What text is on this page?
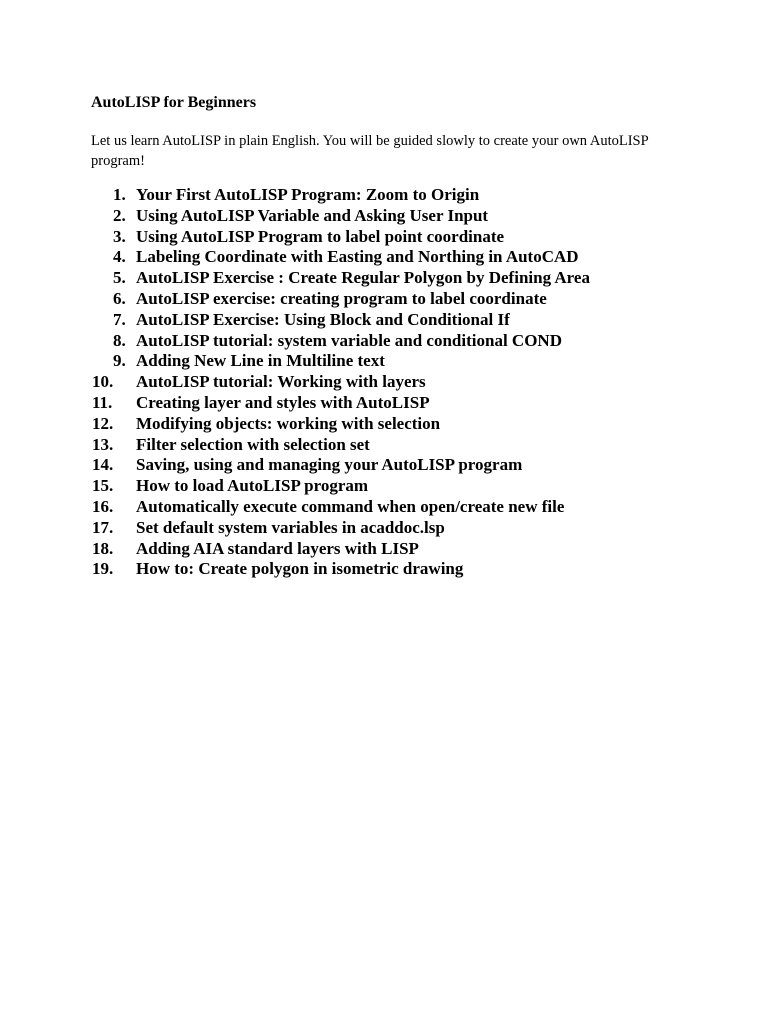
AutoLISP for Beginners
Let us learn AutoLISP in plain English. You will be guided slowly to create your own AutoLISP program!
1. Your First AutoLISP Program: Zoom to Origin
2. Using AutoLISP Variable and Asking User Input
3. Using AutoLISP Program to label point coordinate
4. Labeling Coordinate with Easting and Northing in AutoCAD
5. AutoLISP Exercise : Create Regular Polygon by Defining Area
6. AutoLISP exercise: creating program to label coordinate
7. AutoLISP Exercise: Using Block and Conditional If
8. AutoLISP tutorial: system variable and conditional COND
9. Adding New Line in Multiline text
10.	AutoLISP tutorial: Working with layers
11.	Creating layer and styles with AutoLISP
12.	Modifying objects: working with selection
13.	Filter selection with selection set
14.	Saving, using and managing your AutoLISP program
15.	How to load AutoLISP program
16.	Automatically execute command when open/create new file
17.	Set default system variables in acaddoc.lsp
18.	Adding AIA standard layers with LISP
19.	How to: Create polygon in isometric drawing
